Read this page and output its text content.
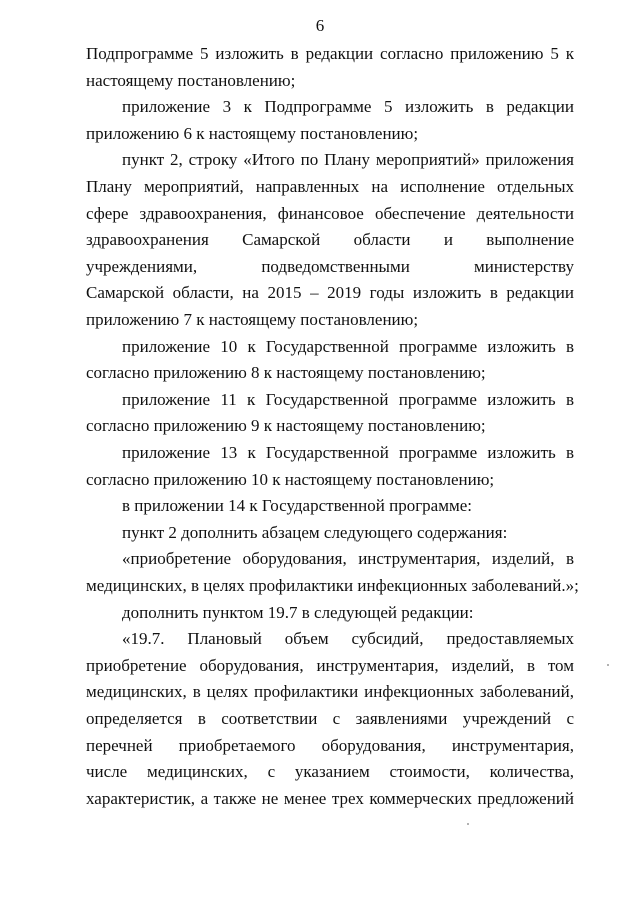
6
Подпрограмме 5 изложить в редакции согласно приложению 5 к
настоящему постановлению;
приложение 3 к Подпрограмме 5 изложить в редакции
приложению 6 к настоящему постановлению;
пункт 2, строку «Итого по Плану мероприятий» приложения
Плану мероприятий, направленных на исполнение отдельных
сфере здравоохранения, финансовое обеспечение деятельности
здравоохранения Самарской области и выполнение
учреждениями, подведомственными министерству
Самарской области, на 2015 – 2019 годы изложить в редакции
приложению 7 к настоящему постановлению;
приложение 10 к Государственной программе изложить в
согласно приложению 8 к настоящему постановлению;
приложение 11 к Государственной программе изложить в
согласно приложению 9 к настоящему постановлению;
приложение 13 к Государственной программе изложить в
согласно приложению 10 к настоящему постановлению;
в приложении 14 к Государственной программе:
пункт 2 дополнить абзацем следующего содержания:
«приобретение оборудования, инструментария, изделий, в
медицинских, в целях профилактики инфекционных заболеваний.»;
дополнить пунктом 19.7 в следующей редакции:
«19.7. Плановый объем субсидий, предоставляемых
приобретение оборудования, инструментария, изделий, в том
медицинских, в целях профилактики инфекционных заболеваний,
определяется в соответствии с заявлениями учреждений с
перечней приобретаемого оборудования, инструментария,
числе медицинских, с указанием стоимости, количества,
характеристик, а также не менее трех коммерческих предложений
